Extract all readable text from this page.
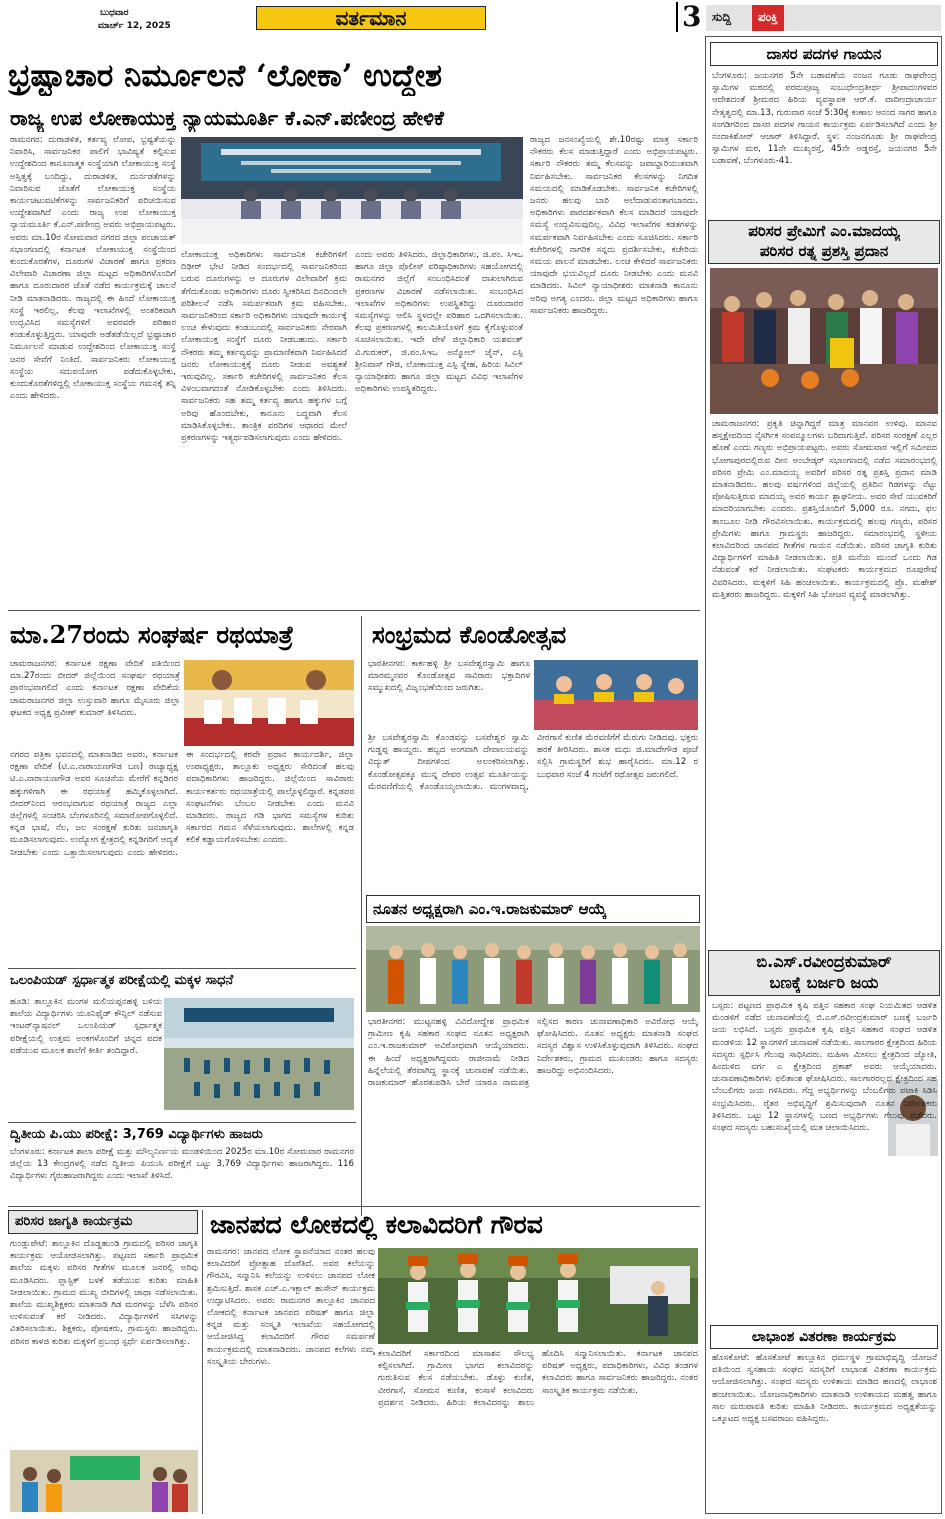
ಬುಧವಾರ
ಮಾರ್ಚ್ 12, 2025	ವರ್ತಮಾನ	3 ಸುದ್ದಿ	ಪಂಕ್ತಿ
ಭ್ರಷ್ಟಾಚಾರ ನಿರ್ಮೂಲನೆ ‘ಲೋಕಾ’ ಉದ್ದೇಶ
ರಾಜ್ಯ ಉಪ ಲೋಕಾಯುಕ್ತ ನ್ಯಾಯಮೂರ್ತಿ ಕೆ.ಎನ್.ಪಣೀಂದ್ರ ಹೇಳಿಕೆ
ರಾಮನಗರ: ದುರಾಡಳಿತ, ಕರ್ತವ್ಯ ಲೋಪ, ಭ್ರಷ್ಟತೆಯನ್ನು ನಿವಾರಿಸಿ, ಸಾರ್ವಜನಿಕರ ಪಾಲಿಗೆ ಭಾವಿಷ್ಯತೆ ಕಲ್ಪಿಸುವ ಉದ್ದೇಶದಿಂದ ಕಾನೂನಾತ್ಮಕ ಸಂಸ್ಥೆಯಾಗಿ ಲೋಕಾಯುಕ್ತ ಸಂಸ್ಥೆ ಅಸ್ತಿತ್ವಕ್ಕೆ ಬಂದಿದ್ದು, ದುರಾಡಳಿತ, ದುರ್ನಡತೆಗಳನ್ನು ನಿವಾರಿಸುವ ಜೊತೆಗೆ ಲೋಕಾಯುಕ್ತ ಸಂಸ್ಥೆಯ ಕಾರ್ಯಚಟುವಟಿಕೆಗಳನ್ನು ಸಾರ್ವಜನಿಕರಿಗೆ ಪರಿಚಯಿಸುವ ಉದ್ದೇಶವಾಗಿದೆ ಎಂದು ರಾಜ್ಯ ಉಪ ಲೋಕಾಯುಕ್ತ ನ್ಯಾಯಮೂರ್ತಿ ಕೆ.ಎನ್.ಪಣೀಂದ್ರ ಅವರು ಅಭಿಪ್ರಾಯಪಟ್ಟರು. ಅವರು ಮಾ.10ರ ಸೋಮವಾರ ನಗರದ ಜಿಲ್ಲಾ ಪಂಚಾಯತ್ ಸಭಾಂಗಣದಲ್ಲಿ ಕರ್ನಾಟಕ ಲೋಕಾಯುಕ್ತ ಸಂಸ್ಥೆಯಿಂದ ಕುಂದುಕೊರತೆಗಳ, ದೂರುಗಳ ವಿಚಾರಣೆ ಹಾಗೂ ಪ್ರಕರಣ ವಿಲೇವಾರಿ ವಿಚಾರಣಾ ಜಿಲ್ಲಾ ಮಟ್ಟದ ಅಧಿಕಾರಿಗಳೊಂದಿಗೆ ಹಾಗೂ ದೂರುದಾರರ ಜೊತೆ ನಡೆದ ಕಾರ್ಯಕ್ರಮಕ್ಕೆ ಚಾಲನೆ ನೀಡಿ ಮಾತನಾಡಿದರು. ರಾಜ್ಯದಲ್ಲಿ ಈ ಹಿಂದೆ ಲೋಕಾಯುಕ್ತ ಸಂಸ್ಥೆ ಇರಲಿಲ್ಲ, ಕೆಲವು ಇಲಾಖೆಗಳಲ್ಲಿ ಅಂತರಿಕವಾಗಿ ಉದ್ಭವಿಸಿದ ಸಮಸ್ಯೆಗಳಿಗೆ ಅವರವರೇ ಪರಿಹಾರ ಕಂಡುಕೊಳ್ಳುತ್ತಿದ್ದರು. ಯಾವುದೇ ಅಡೆತಡೆಯಿಲ್ಲದೆ ಭ್ರಷ್ಟಾಚಾರ ನಿರ್ಮೂಲನೆ ಮಾಡುವ ಉದ್ದೇಶದಿಂದ ಲೋಕಾಯುಕ್ತ ಸಂಸ್ಥೆ ಜನರ ಸೇವೆಗೆ ನಿಂತಿದೆ. ಸಾರ್ವಜನಿಕರು ಲೋಕಾಯುಕ್ತ ಸಂಸ್ಥೆಯ ಸದುಪಯೋಗ ಪಡೆದುಕೊಳ್ಳಬೇಕು, ಕುಂದುಕೊರತೆಗಳಿದ್ದಲ್ಲಿ ಲೋಕಾಯುಕ್ತ ಸಂಸ್ಥೆಯ ಗಮನಕ್ಕೆ ತನ್ನಿ ಎಂದು ಹೇಳಿದರು.
ಲೋಕಾಯುಕ್ತ ಅಧಿಕಾರಿಗಳು ಸಾರ್ವಜನಿಕ ಕಚೇರಿಗಳಿಗೆ ದಿಢೀರ್ ಭೇಟಿ ನೀಡಿದ ಸಂದರ್ಭದಲ್ಲಿ ಸಾರ್ವಜನಿಕರಿಂದ ಬರುವ ದೂರುಗಳನ್ನು ಆ ದೂರುಗಳ ವಿಲೇವಾರಿಗೆ ಕ್ರಮ ತೆಗೆದುಕೊಂಡು ಅಧಿಕಾರಿಗಳು ದೂರು ಸ್ವೀಕರಿಸಿದ ದಿನದಿಂದಲೇ ಪರಿಶೀಲನೆ ನಡೆಸಿ ಸಮರ್ಪಕವಾಗಿ ಕ್ರಮ ವಹಿಸಬೇಕು. ಸಾರ್ವಜನಿಕರಿಂದ ಸರ್ಕಾರಿ ಅಧಿಕಾರಿಗಳು ಯಾವುದೇ ಕಾರ್ಯಕ್ಕೆ ಲಂಚ ಕೇಳುವುದು ಕಂಡುಬಂದಲ್ಲಿ ಸಾರ್ವಜನಿಕರು ನೇರವಾಗಿ ಲೋಕಾಯುಕ್ತ ಸಂಸ್ಥೆಗೆ ದೂರು ನೀಡಬಹುದು. ಸರ್ಕಾರಿ ನೌಕರರು ತಮ್ಮ ಕರ್ತವ್ಯವನ್ನು ಪ್ರಾಮಾಣಿಕವಾಗಿ ನಿರ್ವಹಿಸಿದರೆ ಜನರು ಲೋಕಾಯುಕ್ತಕ್ಕೆ ದೂರು ನೀಡುವ ಅವಶ್ಯಕತೆ ಇರುವುದಿಲ್ಲ. ಸರ್ಕಾರಿ ಕಚೇರಿಗಳಲ್ಲಿ ಸಾರ್ವಜನಿಕರ ಕೆಲಸ ವಿಳಂಬವಾಗದಂತೆ ನೋಡಿಕೊಳ್ಳಬೇಕು ಎಂದು ತಿಳಿಸಿದರು. ಸಾರ್ವಜನಿಕರು ಸಹ ತಮ್ಮ ಕರ್ತವ್ಯ ಹಾಗೂ ಹಕ್ಕುಗಳ ಬಗ್ಗೆ ಅರಿವು ಹೊಂದಬೇಕು, ಕಾನೂನು ಬದ್ಧವಾಗಿ ಕೆಲಸ ಮಾಡಿಸಿಕೊಳ್ಳಬೇಕು. ತಾಂತ್ರಿಕ ವರದಿಗಳ ಆಧಾರದ ಮೇಲೆ ಪ್ರಕರಣಗಳನ್ನು ಇತ್ಯರ್ಥಪಡಿಸಲಾಗುವುದು ಎಂದು ಹೇಳಿದರು.
ಎಂದು ಅವರು ತಿಳಿಸಿದರು. ಜಿಲ್ಲಾಧಿಕಾರಿಗಳು, ಜಿ.ಪಂ. ಸಿಇಒ ಹಾಗೂ ಜಿಲ್ಲಾ ಪೊಲೀಸ್ ವರಿಷ್ಠಾಧಿಕಾರಿಗಳು ಸಹಯೋಗದಲ್ಲಿ ರಾಮನಗರ ಜಿಲ್ಲೆಗೆ ಸಂಬಂಧಿಸಿದಂತೆ ದಾಖಲಾಗಿರುವ ಪ್ರಕರಣಗಳ ವಿಚಾರಣೆ ನಡೆಸಲಾಯಿತು. ಸಂಬಂಧಿಸಿದ ಇಲಾಖೆಗಳ ಅಧಿಕಾರಿಗಳು ಉಪಸ್ಥಿತರಿದ್ದು ದೂರುದಾರರ ಸಮಸ್ಯೆಗಳನ್ನು ಆಲಿಸಿ ಸ್ಥಳದಲ್ಲೇ ಪರಿಹಾರ ಒದಗಿಸಲಾಯಿತು. ಕೆಲವು ಪ್ರಕರಣಗಳಲ್ಲಿ ಕಾಲಮಿತಿಯೊಳಗೆ ಕ್ರಮ ಕೈಗೊಳ್ಳುವಂತೆ ಸೂಚಿಸಲಾಯಿತು. ಇದೇ ವೇಳೆ ಜಿಲ್ಲಾಧಿಕಾರಿ ಯಶವಂತ್ ವಿ.ಗುರುಕರ್, ಜಿ.ಪಂ.ಸಿಇಒ ಅನ್ಮೋಲ್ ಜೈನ್, ಎಸ್ಪಿ ಶ್ರೀನಿವಾಸ್ ಗೌಡ, ಲೋಕಾಯುಕ್ತ ಎಸ್ಪಿ ಸ್ನೇಹ, ಹಿರಿಯ ಸಿವಿಲ್ ನ್ಯಾಯಾಧೀಶರು ಹಾಗೂ ಜಿಲ್ಲಾ ಮಟ್ಟದ ವಿವಿಧ ಇಲಾಖೆಗಳ ಅಧಿಕಾರಿಗಳು ಉಪಸ್ಥಿತರಿದ್ದರು.
ರಾಜ್ಯದ ಜನಸಂಖ್ಯೆಯಲ್ಲಿ ಶೇ.10ರಷ್ಟು ಮಾತ್ರ ಸರ್ಕಾರಿ ನೌಕರರು ಕೆಲಸ ಮಾಡುತ್ತಿದ್ದಾರೆ ಎಂದು ಅಭಿಪ್ರಾಯಪಟ್ಟರು. ಸರ್ಕಾರಿ ನೌಕರರು ತಮ್ಮ ಕೆಲಸವನ್ನು ಜವಾಬ್ದಾರಿಯುತವಾಗಿ ನಿರ್ವಹಿಸಬೇಕು. ಸಾರ್ವಜನಿಕರ ಕೆಲಸಗಳನ್ನು ನಿಗದಿತ ಸಮಯದಲ್ಲಿ ಮಾಡಿಕೊಡಬೇಕು. ಸಾರ್ವಜನಿಕ ಕಚೇರಿಗಳಲ್ಲಿ ಜನರು ಹಲವು ಬಾರಿ ಅಲೆದಾಡುವಂತಾಗಬಾರದು. ಅಧಿಕಾರಿಗಳು ಪಾರದರ್ಶಕವಾಗಿ ಕೆಲಸ ಮಾಡಿದರೆ ಯಾವುದೇ ಸಮಸ್ಯೆ ಉದ್ಭವಿಸುವುದಿಲ್ಲ. ವಿವಿಧ ಇಲಾಖೆಗಳ ಕಡತಗಳನ್ನು ಸಮರ್ಪಕವಾಗಿ ನಿರ್ವಹಿಸಬೇಕು ಎಂದು ಸೂಚಿಸಿದರು. ಸರ್ಕಾರಿ ಕಚೇರಿಗಳಲ್ಲಿ ನಾಗರಿಕ ಸನ್ನದು ಪ್ರದರ್ಶಿಸಬೇಕು, ಕಚೇರಿಯ ಸಮಯ ಪಾಲನೆ ಮಾಡಬೇಕು. ಲಂಚ ಕೇಳಿದರೆ ಸಾರ್ವಜನಿಕರು ಯಾವುದೇ ಭಯವಿಲ್ಲದೆ ದೂರು ನೀಡಬೇಕು ಎಂದು ಮನವಿ ಮಾಡಿದರು. ಸಿವಿಲ್ ನ್ಯಾಯಾಧೀಶರು ಮಾತನಾಡಿ ಕಾನೂನು ಅರಿವು ಅಗತ್ಯ ಎಂದರು. ಜಿಲ್ಲಾ ಮಟ್ಟದ ಅಧಿಕಾರಿಗಳು ಹಾಗೂ ಸಾರ್ವಜನಿಕರು ಹಾಜರಿದ್ದರು.
ದಾಸರ ಪದಗಳ ಗಾಯನ
ಬೆಂಗಳೂರು: ಜಯನಗರ 5ನೇ ಬಡಾವಣೆಯ ನಂಜನ ಗೂಡು ರಾಘವೇಂದ್ರ ಸ್ವಾಮಿಗಳ ಮಠದಲ್ಲಿ ಪರಮಪೂಜ್ಯ ಸುಬುಧೇಂದ್ರತೀರ್ಥ ಶ್ರೀಪಾದಂಗಳವರ ಆದೇಶದಂತೆ ಶ್ರೀಮಠದ ಹಿರಿಯ ವ್ಯವಸ್ಥಾಪಕ ಆರ್.ಕೆ. ವಾದೀಂದ್ರಾಚಾರ್ಯ ನೇತೃತ್ವದಲ್ಲಿ ಮಾ.13, ಗುರುವಾರ ಸಂಜೆ 5:30ಕ್ಕೆ ಕುಣಾಲ ಆನಂದ ಸಾಗರ ಹಾಗೂ ಸಂಗಡಿಗರಿಂದ ದಾಸರ ಪದಗಳ ಗಾಯನ ಕಾರ್ಯಕ್ರಮ ಏರ್ಪಡಿಸಲಾಗಿದೆ ಎಂದು ಶ್ರೀ ನಂದಾಕಿಶೋರ್ ಆಚಾರ್ ತಿಳಿಸಿದ್ದಾರೆ. ಸ್ಥಳ: ನಂಜನಗೂಡು ಶ್ರೀ ರಾಘವೇಂದ್ರ ಸ್ವಾಮಿಗಳ ಮಠ, 11ನೇ ಮುಖ್ಯರಸ್ತೆ, 45ನೇ ಅಡ್ಡರಸ್ತೆ, ಜಯನಗರ 5ನೇ ಬಡಾವಣೆ, ಬೆಂಗಳೂರು-41.
ಪರಿಸರ ಪ್ರೇಮಿಗೆ ಎಂ.ಮಾದಯ್ಯ
ಪರಿಸರ ರತ್ನ ಪ್ರಶಸ್ತಿ ಪ್ರದಾನ
ಚಾಮರಾಜನಗರ: ಪ್ರಕೃತಿ ಚಿನ್ನಾಗಿದ್ದರೆ ಮಾತ್ರ ಮಾನವರ ಉಳಿವು. ಮಾನವ ಹಸ್ತಕ್ಷೇಪದಿಂದ ನೈಸರ್ಗಿಕ ಸಂಪನ್ಮೂಲಗಳು ಬರಿದಾಗುತ್ತಿವೆ. ಪರಿಸರ ಸಂರಕ್ಷಣೆ ಎಲ್ಲರ ಹೊಣೆ ಎಂದು ಗಣ್ಯರು ಅಭಿಪ್ರಾಯಪಟ್ಟರು. ಅವರು ಸೋಮವಾರ ಇಲ್ಲಿಗೆ ಸಮೀಪದ ಭೋಗಾಪುರದಲ್ಲಿರುವ ದೀನ ಅಂಬೇಡ್ಕರ್ ಸಭಾಂಗಣದಲ್ಲಿ ನಡೆದ ಸಮಾರಂಭದಲ್ಲಿ ಪರಿಸರ ಪ್ರೇಮಿ ಎಂ.ಮಾದಯ್ಯ ಅವರಿಗೆ ಪರಿಸರ ರತ್ನ ಪ್ರಶಸ್ತಿ ಪ್ರದಾನ ಮಾಡಿ ಮಾತನಾಡಿದರು. ಹಲವು ವರ್ಷಗಳಿಂದ ಜಿಲ್ಲೆಯಲ್ಲಿ ಪ್ರತಿದಿನ ಗಿಡಗಳನ್ನು ನೆಟ್ಟು ಪೋಷಿಸುತ್ತಿರುವ ಮಾದಯ್ಯ ಅವರ ಕಾರ್ಯ ಶ್ಲಾಘನೀಯ. ಅವರ ಸೇವೆ ಯುವಕರಿಗೆ ಮಾದರಿಯಾಗಬೇಕು ಎಂದರು. ಪ್ರಶಸ್ತಿಯೊಂದಿಗೆ 5,000 ರೂ. ನಗದು, ಫಲ ತಾಂಬೂಲ ನೀಡಿ ಗೌರವಿಸಲಾಯಿತು. ಕಾರ್ಯಕ್ರಮದಲ್ಲಿ ಹಲವು ಗಣ್ಯರು, ಪರಿಸರ ಪ್ರೇಮಿಗಳು ಹಾಗೂ ಗ್ರಾಮಸ್ಥರು ಹಾಜರಿದ್ದರು. ಸಮಾರಂಭದಲ್ಲಿ ಸ್ಥಳೀಯ ಕಲಾವಿದರಿಂದ ಜಾನಪದ ಗೀತೆಗಳ ಗಾಯನ ನಡೆಯಿತು. ಪರಿಸರ ಜಾಗೃತಿ ಕುರಿತು ವಿದ್ಯಾರ್ಥಿಗಳಿಗೆ ಮಾಹಿತಿ ನೀಡಲಾಯಿತು. ಪ್ರತಿ ಮನೆಯ ಮುಂದೆ ಒಂದು ಗಿಡ ನೆಡುವಂತೆ ಕರೆ ನೀಡಲಾಯಿತು. ಸಂಘಟಕರು ಕಾರ್ಯಕ್ರಮದ ರೂಪುರೇಷೆ ವಿವರಿಸಿದರು. ಮಕ್ಕಳಿಗೆ ಸಿಹಿ ಹಂಚಲಾಯಿತು. ಕಾರ್ಯಕ್ರಮದಲ್ಲಿ ಪ್ರೊ. ಮಹೇಶ್ ಮತ್ತಿತರರು ಹಾಜರಿದ್ದರು. ಮಕ್ಕಳಿಗೆ ಸಿಹಿ ಭೋಜನ ವ್ಯವಸ್ಥೆ ಮಾಡಲಾಗಿತ್ತು.
ಬಿ.ಎಸ್.ರವೀಂದ್ರಕುಮಾರ್
ಬಣಕ್ಕೆ ಬರ್ಜರಿ ಜಯ
ಬಸ್ಸರು: ಪಟ್ಟಣದ ಪ್ರಾಥಮಿಕ ಕೃಷಿ ಪತ್ತಿನ ಸಹಕಾರ ಸಂಘ ನಿಯಮಿತದ ಆಡಳಿತ ಮಂಡಳಿಗೆ ನಡೆದ ಚುನಾವಣೆಯಲ್ಲಿ ಬಿ.ಎಸ್.ರವೀಂದ್ರಕುಮಾರ್ ಬಣಕ್ಕೆ ಬರ್ಜರಿ ಜಯ ಲಭಿಸಿದೆ. ಬಸ್ಸರು ಪ್ರಾಥಮಿಕ ಕೃಷಿ ಪತ್ತಿನ ಸಹಕಾರ ಸಂಘದ ಆಡಳಿತ ಮಂಡಳಿಯ 12 ಸ್ಥಾನಗಳಿಗೆ ಚುನಾವಣೆ ನಡೆಯಿತು. ಸಾಲಗಾರರ ಕ್ಷೇತ್ರದಿಂದ ಹಿರಿಯ ಸದಸ್ಯರು ಸ್ಪರ್ಧಿಸಿ ಗೆಲುವು ಸಾಧಿಸಿದರು. ಮಹಿಳಾ ಮೀಸಲು ಕ್ಷೇತ್ರದಿಂದ ಜ್ಯೋತಿ, ಹಿಂದುಳಿದ ವರ್ಗ ಎ ಕ್ಷೇತ್ರದಿಂದ ಪ್ರಕಾಶ್ ಅವರು ಆಯ್ಕೆಯಾದರು. ಚುನಾವಣಾಧಿಕಾರಿಗಳು ಫಲಿತಾಂಶ ಘೋಷಿಸಿದರು. ಸಾಲಗಾರರಲ್ಲದ ಕ್ಷೇತ್ರದಿಂದ ಸಹ ಬೆಂಬಲಿಗರು ಜಯ ಗಳಿಸಿದರು. ಗೆದ್ದ ಅಭ್ಯರ್ಥಿಗಳನ್ನು ಬೆಂಬಲಿಗರು ಪಟಾಕಿ ಸಿಡಿಸಿ ಸಂಭ್ರಮಿಸಿದರು. ರೈತರ ಅಭಿವೃದ್ಧಿಗೆ ಶ್ರಮಿಸುವುದಾಗಿ ನೂತನ ನಿರ್ದೇಶಕರು ತಿಳಿಸಿದರು. ಒಟ್ಟು 12 ಸ್ಥಾನಗಳಲ್ಲಿ ಬಣದ ಅಭ್ಯರ್ಥಿಗಳು ಗೆಲುವು ಪಡೆದರು. ಸಂಘದ ಸದಸ್ಯರು ಬಹುಸಂಖ್ಯೆಯಲ್ಲಿ ಮತ ಚಲಾಯಿಸಿದರು.
ಲಾಭಾಂಶ ವಿತರಣಾ ಕಾರ್ಯಕ್ರಮ
ಹೊಸಕೋಟೆ: ಹೊಸಕೋಟೆ ತಾಲ್ಲೂಕಿನ ಧರ್ಮಸ್ಥಳ ಗ್ರಾಮಾಭಿವೃದ್ಧಿ ಯೋಜನೆ ವತಿಯಿಂದ ಸ್ವಸಹಾಯ ಸಂಘದ ಸದಸ್ಯರಿಗೆ ಲಾಭಾಂಶ ವಿತರಣಾ ಕಾರ್ಯಕ್ರಮ ಆಯೋಜಿಸಲಾಗಿತ್ತು. ಸಂಘದ ಸದಸ್ಯರು ಉಳಿತಾಯ ಮಾಡಿದ ಹಣದಲ್ಲಿ ಲಾಭಾಂಶ ಹಂಚಲಾಯಿತು. ಯೋಜನಾಧಿಕಾರಿಗಳು ಮಾತನಾಡಿ ಉಳಿತಾಯದ ಮಹತ್ವ ಹಾಗೂ ಸಾಲ ಮರುಪಾವತಿ ಕುರಿತು ಮಾಹಿತಿ ನೀಡಿದರು. ಕಾರ್ಯಕ್ರಮದ ಅಧ್ಯಕ್ಷತೆಯನ್ನು ಒಕ್ಕೂಟದ ಅಧ್ಯಕ್ಷ ಬಸವರಾಜು ವಹಿಸಿದ್ದರು.
ಮಾ.27ರಂದು ಸಂಘರ್ಷ ರಥಯಾತ್ರೆ
ಚಾಮರಾಜನಗರ: ಕರ್ನಾಟಕ ರಕ್ಷಣಾ ವೇದಿಕೆ ವತಿಯಿಂದ ಮಾ.27ರಂದು ಬೀದರ್ ಜಿಲ್ಲೆಯಿಂದ ಸಂಘರ್ಷ ರಥಯಾತ್ರೆ ಪ್ರಾರಂಭವಾಗಲಿದೆ ಎಂದು ಕರ್ನಾಟಕ ರಕ್ಷಣಾ ವೇದಿಕೆಯ ಚಾಮರಾಜನಗರ ಜಿಲ್ಲಾ ಉಸ್ತುವಾರಿ ಹಾಗೂ ಮೈಸೂರು ಜಿಲ್ಲಾ ಘಟಕದ ಅಧ್ಯಕ್ಷ ಪ್ರವೀಣ್ ಕುಮಾರ್ ತಿಳಿಸಿದರು.
ನಗರದ ಪತ್ರಿಕಾ ಭವನದಲ್ಲಿ ಮಾತನಾಡಿದ ಅವರು, ಕರ್ನಾಟಕ ರಕ್ಷಣಾ ವೇದಿಕೆ (ಟಿ.ಎ.ನಾರಾಯಣಗೌಡ ಬಣ) ರಾಜ್ಯಾಧ್ಯಕ್ಷ ಟಿ.ಎ.ನಾರಾಯಣಗೌಡ ಅವರ ಸೂಚನೆಯ ಮೇರೆಗೆ ಕನ್ನಡಿಗರ ಹಕ್ಕುಗಳಿಗಾಗಿ ಈ ರಥಯಾತ್ರೆ ಹಮ್ಮಿಕೊಳ್ಳಲಾಗಿದೆ. ಬೀದರ್‌ನಿಂದ ಆರಂಭವಾಗುವ ರಥಯಾತ್ರೆ ರಾಜ್ಯದ ಎಲ್ಲಾ ಜಿಲ್ಲೆಗಳಲ್ಲಿ ಸಂಚರಿಸಿ ಬೆಂಗಳೂರಿನಲ್ಲಿ ಸಮಾರೋಪಗೊಳ್ಳಲಿದೆ. ಕನ್ನಡ ಭಾಷೆ, ನೆಲ, ಜಲ ಸಂರಕ್ಷಣೆ ಕುರಿತು ಜನಜಾಗೃತಿ ಮೂಡಿಸಲಾಗುವುದು. ಉದ್ಯೋಗ ಕ್ಷೇತ್ರದಲ್ಲಿ ಕನ್ನಡಿಗರಿಗೆ ಆದ್ಯತೆ ನೀಡಬೇಕು ಎಂದು ಒತ್ತಾಯಿಸಲಾಗುವುದು ಎಂದು ಹೇಳಿದರು. ಈ ಸಂದರ್ಭದಲ್ಲಿ ಕರವೇ ಪ್ರಧಾನ ಕಾರ್ಯದರ್ಶಿ, ಜಿಲ್ಲಾ ಉಪಾಧ್ಯಕ್ಷರು, ತಾಲ್ಲೂಕು ಅಧ್ಯಕ್ಷರು ಸೇರಿದಂತೆ ಹಲವು ಪದಾಧಿಕಾರಿಗಳು ಹಾಜರಿದ್ದರು. ಜಿಲ್ಲೆಯಿಂದ ಸಾವಿರಾರು ಕಾರ್ಯಕರ್ತರು ರಥಯಾತ್ರೆಯಲ್ಲಿ ಪಾಲ್ಗೊಳ್ಳಲಿದ್ದಾರೆ. ಕನ್ನಡಪರ ಸಂಘಟನೆಗಳು ಬೆಂಬಲ ನೀಡಬೇಕು ಎಂದು ಮನವಿ ಮಾಡಿದರು. ರಾಜ್ಯದ ಗಡಿ ಭಾಗದ ಸಮಸ್ಯೆಗಳ ಕುರಿತು ಸರ್ಕಾರದ ಗಮನ ಸೆಳೆಯಲಾಗುವುದು. ಶಾಲೆಗಳಲ್ಲಿ ಕನ್ನಡ ಕಲಿಕೆ ಕಡ್ಡಾಯಗೊಳಿಸಬೇಕು ಎಂದರು.
ಸಂಭ್ರಮದ ಕೊಂಡೋತ್ಸವ
ಭಾರತೀನಗರ: ಕಾರ್ಕಹಳ್ಳಿ ಶ್ರೀ ಬಸವೇಶ್ವರಸ್ವಾಮಿ ಹಾಗೂ ಮಾರಮ್ಮನವರ ಕೊಂಡೋತ್ಸವ ಸಾವಿರಾರು ಭಕ್ತಾದಿಗಳ ಸಮ್ಮುಖದಲ್ಲಿ ವಿಜೃಂಭಣೆಯಿಂದ ಜರುಗಿತು.
ಶ್ರೀ ಬಸವೇಶ್ವರಸ್ವಾಮಿ ಕೊಂಡವನ್ನು ಬಸವೇಶ್ವರ ಸ್ವಾಮಿ ಗುಡ್ಡಪ್ಪ ಹಾಯ್ದರು. ಹಬ್ಬದ ಅಂಗವಾಗಿ ದೇವಾಲಯವನ್ನು ವಿದ್ಯುತ್ ದೀಪಗಳಿಂದ ಅಲಂಕರಿಸಲಾಗಿತ್ತು. ಕೊಂಡೋತ್ಸವಕ್ಕೂ ಮುನ್ನ ದೇವರ ಉತ್ಸವ ಮೂರ್ತಿಯನ್ನು ಮೆರವಣಿಗೆಯಲ್ಲಿ ಕೊಂಡೊಯ್ಯಲಾಯಿತು. ಮಂಗಳವಾದ್ಯ, ವೀರಗಾಸೆ ಕುಣಿತ ಮೆರವಣಿಗೆಗೆ ಮೆರುಗು ನೀಡಿದವು. ಭಕ್ತರು ಹರಕೆ ತೀರಿಸಿದರು. ಶಾಸಕ ಮಧು ಜಿ.ಮಾದೇಗೌಡ ಪೂಜೆ ಸಲ್ಲಿಸಿ ಗ್ರಾಮಸ್ಥರಿಗೆ ಶುಭ ಹಾರೈಸಿದರು. ಮಾ.12 ರ ಬುಧವಾರ ಸಂಜೆ 4 ಗಂಟೆಗೆ ರಥೋತ್ಸವ ಜರುಗಲಿದೆ.
ನೂತನ ಅಧ್ಯಕ್ಷರಾಗಿ ಎಂ.ಇ.ರಾಜಕುಮಾರ್ ಆಯ್ಕೆ
ಭಾರತೀನಗರ: ಮುಟ್ಟನಹಳ್ಳಿ ವಿವಿದೋದ್ದೇಶ ಪ್ರಾಥಮಿಕ ಗ್ರಾಮೀಣ ಕೃಷಿ ಸಹಕಾರ ಸಂಘದ ನೂತನ ಅಧ್ಯಕ್ಷರಾಗಿ ಎಂ.ಇ.ರಾಜಕುಮಾರ್ ಅವಿರೋಧವಾಗಿ ಆಯ್ಕೆಯಾದರು. ಈ ಹಿಂದೆ ಅಧ್ಯಕ್ಷರಾಗಿದ್ದವರು ರಾಜೀನಾಮೆ ನೀಡಿದ ಹಿನ್ನೆಲೆಯಲ್ಲಿ ತೆರವಾಗಿದ್ದ ಸ್ಥಾನಕ್ಕೆ ಚುನಾವಣೆ ನಡೆಯಿತು. ರಾಜಕುಮಾರ್ ಹೊರತುಪಡಿಸಿ ಬೇರೆ ಯಾರೂ ನಾಮಪತ್ರ ಸಲ್ಲಿಸದ ಕಾರಣ ಚುನಾವಣಾಧಿಕಾರಿ ಅವಿರೋಧ ಆಯ್ಕೆ ಘೋಷಿಸಿದರು. ನೂತನ ಅಧ್ಯಕ್ಷರು ಮಾತನಾಡಿ ಸಂಘದ ಸದಸ್ಯರ ವಿಶ್ವಾಸ ಉಳಿಸಿಕೊಳ್ಳುವುದಾಗಿ ತಿಳಿಸಿದರು. ಸಂಘದ ನಿರ್ದೇಶಕರು, ಗ್ರಾಮದ ಮುಖಂಡರು ಹಾಗೂ ಸದಸ್ಯರು ಹಾಜರಿದ್ದು ಅಭಿನಂದಿಸಿದರು.
ಒಲಂಪಿಯಡ್ ಸ್ಪರ್ಧಾತ್ಮಕ ಪರೀಕ್ಷೆಯಲ್ಲಿ ಮಕ್ಕಳ ಸಾಧನೆ
ಹೂಡಿ: ತಾಲ್ಲೂಕಿನ ಮಂಗಳ ಮಲಿಯಪ್ಪನಹಳ್ಳಿ ಬಳಿಯ ಶಾಲೆಯ ವಿದ್ಯಾರ್ಥಿಗಳು ಯೂನಿಫೈಡ್ ಕೌನ್ಸಿಲ್ ನಡೆಸುವ ಇಂಟರ್‌ನ್ಯಾಷನಲ್ ಒಲಂಪಿಯಡ್ ಸ್ಪರ್ಧಾತ್ಮಕ ಪರೀಕ್ಷೆಯಲ್ಲಿ ಉತ್ತಮ ಅಂಕಗಳೊಂದಿಗೆ ಚಿನ್ನದ ಪದಕ ಪಡೆಯುವ ಮೂಲಕ ಶಾಲೆಗೆ ಕೀರ್ತಿ ತಂದಿದ್ದಾರೆ.
ದ್ವಿತೀಯ ಪಿ.ಯು ಪರೀಕ್ಷೆ: 3,769 ವಿದ್ಯಾರ್ಥಿಗಳು ಹಾಜರು
ಬೆಂಗಳೂರು: ಕರ್ನಾಟಕ ಶಾಲಾ ಪರೀಕ್ಷೆ ಮತ್ತು ಮೌಲ್ಯನಿರ್ಣಯ ಮಂಡಳಿಯಿಂದ 2025ರ ಮಾ.10ರ ಸೋಮವಾರ ರಾಮನಗರ ಜಿಲ್ಲೆಯ 13 ಕೇಂದ್ರಗಳಲ್ಲಿ ನಡೆದ ದ್ವಿತೀಯ ಪಿಯುಸಿ ಪರೀಕ್ಷೆಗೆ ಒಟ್ಟು 3,769 ವಿದ್ಯಾರ್ಥಿಗಳು ಹಾಜರಾಗಿದ್ದರು. 116 ವಿದ್ಯಾರ್ಥಿಗಳು ಗೈರುಹಾಜರಾಗಿದ್ದರು ಎಂದು ಇಲಾಖೆ ತಿಳಿಸಿದೆ.
ಪರಿಸರ ಜಾಗೃತಿ ಕಾರ್ಯಕ್ರಮ
ಗುಂಡ್ಲುಪೇಟೆ: ತಾಲ್ಲೂಕಿನ ದೊಡ್ಡಹುಂಡಿ ಗ್ರಾಮದಲ್ಲಿ ಪರಿಸರ ಜಾಗೃತಿ ಕಾರ್ಯಕ್ರಮ ಆಯೋಜಿಸಲಾಗಿತ್ತು. ಪಟ್ಟಣದ ಸರ್ಕಾರಿ ಪ್ರಾಥಮಿಕ ಶಾಲೆಯ ಮಕ್ಕಳು ಪರಿಸರ ಗೀತೆಗಳ ಮೂಲಕ ಜನರಲ್ಲಿ ಅರಿವು ಮೂಡಿಸಿದರು. ಪ್ಲಾಸ್ಟಿಕ್ ಬಳಕೆ ತಡೆಯುವ ಕುರಿತು ಮಾಹಿತಿ ನೀಡಲಾಯಿತು. ಗ್ರಾಮದ ಮುಖ್ಯ ಬೀದಿಗಳಲ್ಲಿ ಜಾಥಾ ನಡೆಸಲಾಯಿತು. ಶಾಲೆಯ ಮುಖ್ಯಶಿಕ್ಷಕರು ಮಾತನಾಡಿ ಗಿಡ ಮರಗಳನ್ನು ಬೆಳೆಸಿ ಪರಿಸರ ಉಳಿಸುವಂತೆ ಕರೆ ನೀಡಿದರು. ವಿದ್ಯಾರ್ಥಿಗಳಿಗೆ ಸಸಿಗಳನ್ನು ವಿತರಿಸಲಾಯಿತು. ಶಿಕ್ಷಕರು, ಪೋಷಕರು, ಗ್ರಾಮಸ್ಥರು ಹಾಜರಿದ್ದರು. ಪರಿಸರ ಕಾಳಜಿ ಕುರಿತು ಮಕ್ಕಳಿಗೆ ಪ್ರಬಂಧ ಸ್ಪರ್ಧೆ ಏರ್ಪಡಿಸಲಾಗಿತ್ತು.
ಜಾನಪದ ಲೋಕದಲ್ಲಿ ಕಲಾವಿದರಿಗೆ ಗೌರವ
ರಾಮನಗರ: ಜಾನಪದ ಲೋಕ ಸ್ಥಾಪನೆಯಾದ ನಂತರ ಹಲವು ಕಲಾವಿದರಿಗೆ ಪ್ರೋತ್ಸಾಹ ದೊರೆತಿದೆ. ಅವರ ಕಲೆಯನ್ನು ಗೌರವಿಸಿ, ಸನ್ಮಾನಿಸಿ ಕಲೆಯನ್ನು ಉಳಿಸಲು ಜಾನಪದ ಲೋಕ ಶ್ರಮಿಸುತ್ತಿದೆ. ಶಾಸಕ ಎಚ್.ಎ.ಇಕ್ಬಾಲ್ ಹುಸೇನ್ ಕಾರ್ಯಕ್ರಮ ಉದ್ಘಾಟಿಸಿದರು. ಅವರು ರಾಮನಗರ ತಾಲ್ಲೂಕಿನ ಜಾನಪದ ಲೋಕದಲ್ಲಿ ಕರ್ನಾಟಕ ಜಾನಪದ ಪರಿಷತ್ ಹಾಗೂ ಜಿಲ್ಲಾ ಕನ್ನಡ ಮತ್ತು ಸಂಸ್ಕೃತಿ ಇಲಾಖೆಯ ಸಹಯೋಗದಲ್ಲಿ ಆಯೋಜಿಸಿದ್ದ ಕಲಾವಿದರಿಗೆ ಗೌರವ ಸಮರ್ಪಣೆ ಕಾರ್ಯಕ್ರಮದಲ್ಲಿ ಮಾತನಾಡಿದರು. ಜಾನಪದ ಕಲೆಗಳು ನಮ್ಮ ಸಂಸ್ಕೃತಿಯ ಬೇರುಗಳು.
ಕಲಾವಿದರಿಗೆ ಸರ್ಕಾರದಿಂದ ಮಾಸಾಶನ ಸೌಲಭ್ಯ ಕಲ್ಪಿಸಲಾಗಿದೆ. ಗ್ರಾಮೀಣ ಭಾಗದ ಕಲಾವಿದರನ್ನು ಗುರುತಿಸುವ ಕೆಲಸ ನಡೆಯಬೇಕು. ಡೊಳ್ಳು ಕುಣಿತ, ವೀರಗಾಸೆ, ಸೋಮನ ಕುಣಿತ, ಕಂಸಾಳೆ ಕಲಾವಿದರು ಪ್ರದರ್ಶನ ನೀಡಿದರು. ಹಿರಿಯ ಕಲಾವಿದರನ್ನು ಶಾಲು ಹೊದಿಸಿ ಸನ್ಮಾನಿಸಲಾಯಿತು. ಕರ್ನಾಟಕ ಜಾನಪದ ಪರಿಷತ್ ಅಧ್ಯಕ್ಷರು, ಪದಾಧಿಕಾರಿಗಳು, ವಿವಿಧ ತಂಡಗಳ ಕಲಾವಿದರು ಹಾಗೂ ಸಾರ್ವಜನಿಕರು ಹಾಜರಿದ್ದರು. ನಂತರ ಸಾಂಸ್ಕೃತಿಕ ಕಾರ್ಯಕ್ರಮ ನಡೆಯಿತು.
